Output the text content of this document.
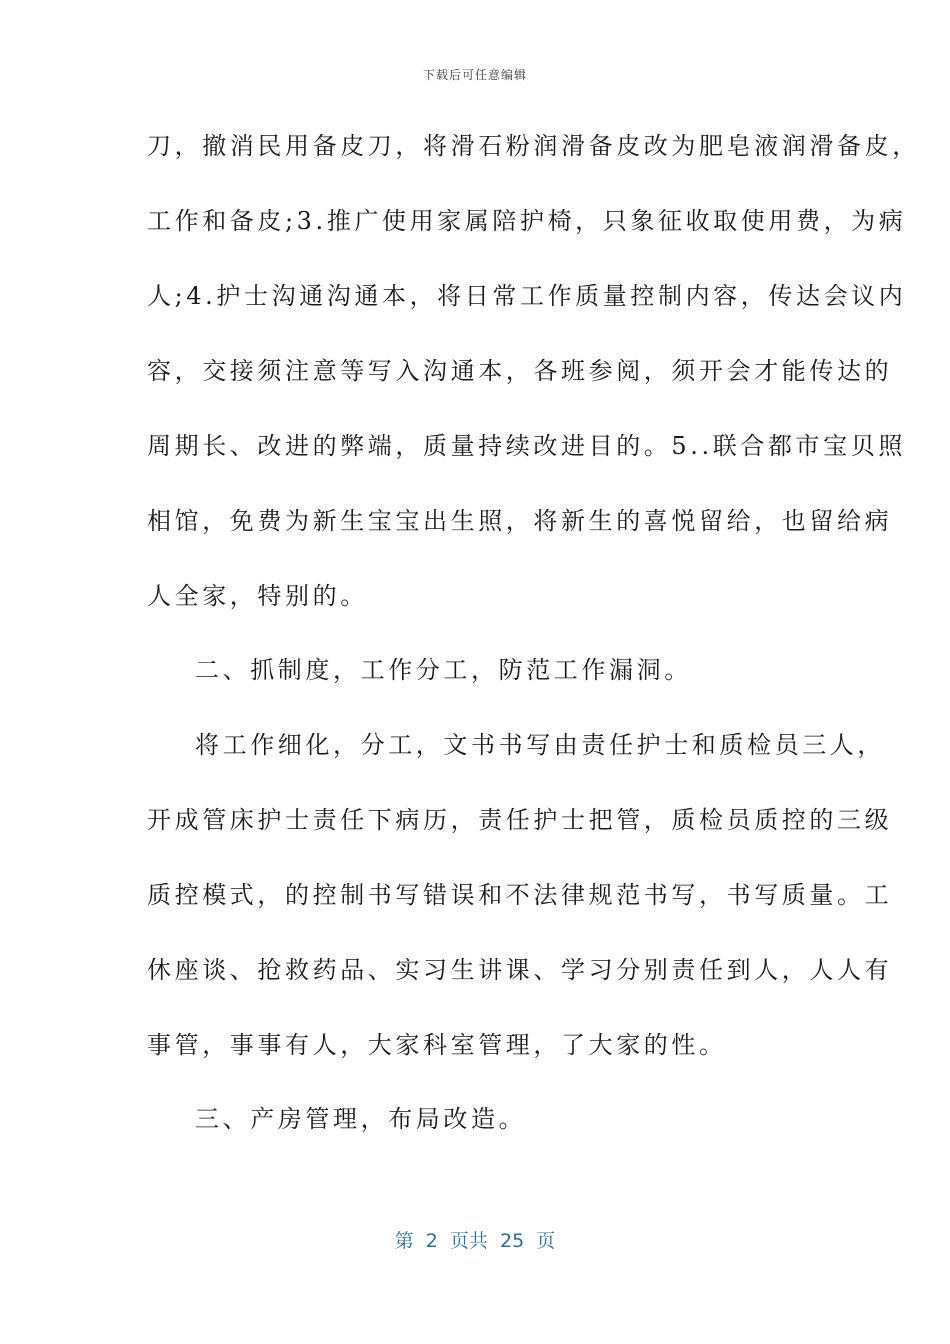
下载后可任意编辑
刀，撤消民用备皮刀，将滑石粉润滑备皮改为肥皂液润滑备皮，
工作和备皮;3.推广使用家属陪护椅，只象征收取使用费，为病
人;4.护士沟通沟通本，将日常工作质量控制内容，传达会议内
容，交接须注意等写入沟通本，各班参阅，须开会才能传达的
周期长、改进的弊端，质量持续改进目的。5..联合都市宝贝照
相馆，免费为新生宝宝出生照，将新生的喜悦留给，也留给病
人全家，特别的。
二、抓制度，工作分工，防范工作漏洞。
将工作细化，分工，文书书写由责任护士和质检员三人，
开成管床护士责任下病历，责任护士把管，质检员质控的三级
质控模式，的控制书写错误和不法律规范书写，书写质量。工
休座谈、抢救药品、实习生讲课、学习分别责任到人，人人有
事管，事事有人，大家科室管理，了大家的性。
三、产房管理，布局改造。
第  2  页共  25  页
